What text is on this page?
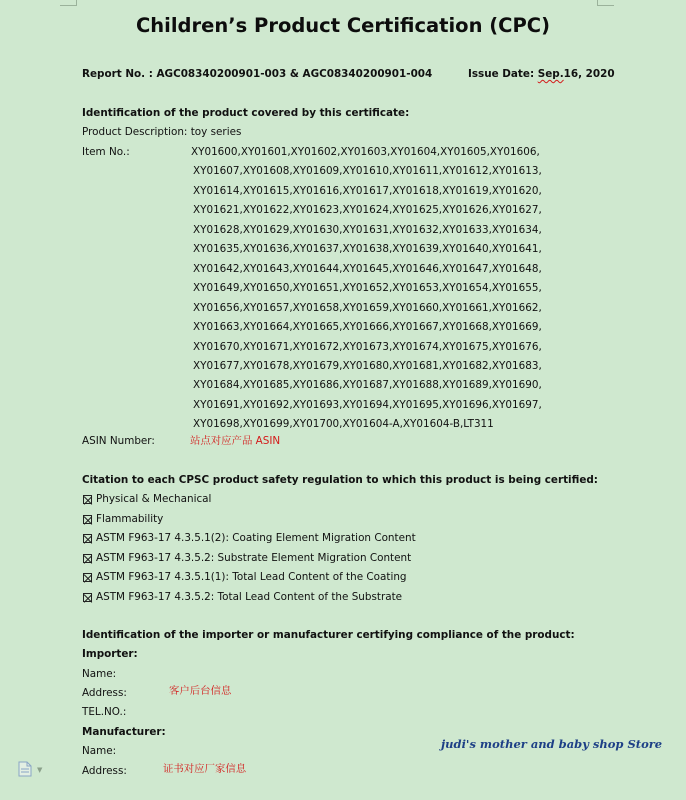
Children’s Product Certification (CPC)
Report No. : AGC08340200901-003 & AGC08340200901-004	Issue Date: Sep.16, 2020
Identification of the product covered by this certificate:
Product Description: toy series
Item No.:	XY01600,XY01601,XY01602,XY01603,XY01604,XY01605,XY01606,
XY01607,XY01608,XY01609,XY01610,XY01611,XY01612,XY01613,
XY01614,XY01615,XY01616,XY01617,XY01618,XY01619,XY01620,
XY01621,XY01622,XY01623,XY01624,XY01625,XY01626,XY01627,
XY01628,XY01629,XY01630,XY01631,XY01632,XY01633,XY01634,
XY01635,XY01636,XY01637,XY01638,XY01639,XY01640,XY01641,
XY01642,XY01643,XY01644,XY01645,XY01646,XY01647,XY01648,
XY01649,XY01650,XY01651,XY01652,XY01653,XY01654,XY01655,
XY01656,XY01657,XY01658,XY01659,XY01660,XY01661,XY01662,
XY01663,XY01664,XY01665,XY01666,XY01667,XY01668,XY01669,
XY01670,XY01671,XY01672,XY01673,XY01674,XY01675,XY01676,
XY01677,XY01678,XY01679,XY01680,XY01681,XY01682,XY01683,
XY01684,XY01685,XY01686,XY01687,XY01688,XY01689,XY01690,
XY01691,XY01692,XY01693,XY01694,XY01695,XY01696,XY01697,
XY01698,XY01699,XY01700,XY01604-A,XY01604-B,LT311
ASIN Number:	站点对应产品 ASIN
Citation to each CPSC product safety regulation to which this product is being certified:
Physical & Mechanical
Flammability
ASTM F963-17 4.3.5.1(2): Coating Element Migration Content
ASTM F963-17 4.3.5.2: Substrate Element Migration Content
ASTM F963-17 4.3.5.1(1): Total Lead Content of the Coating
ASTM F963-17 4.3.5.2: Total Lead Content of the Substrate
Identification of the importer or manufacturer certifying compliance of the product:
Importer:
Name:
Address:	客户后台信息
TEL.NO.:
Manufacturer:
Name:
Address:	证书对应厂家信息
judi's mother and baby shop Store
▼
